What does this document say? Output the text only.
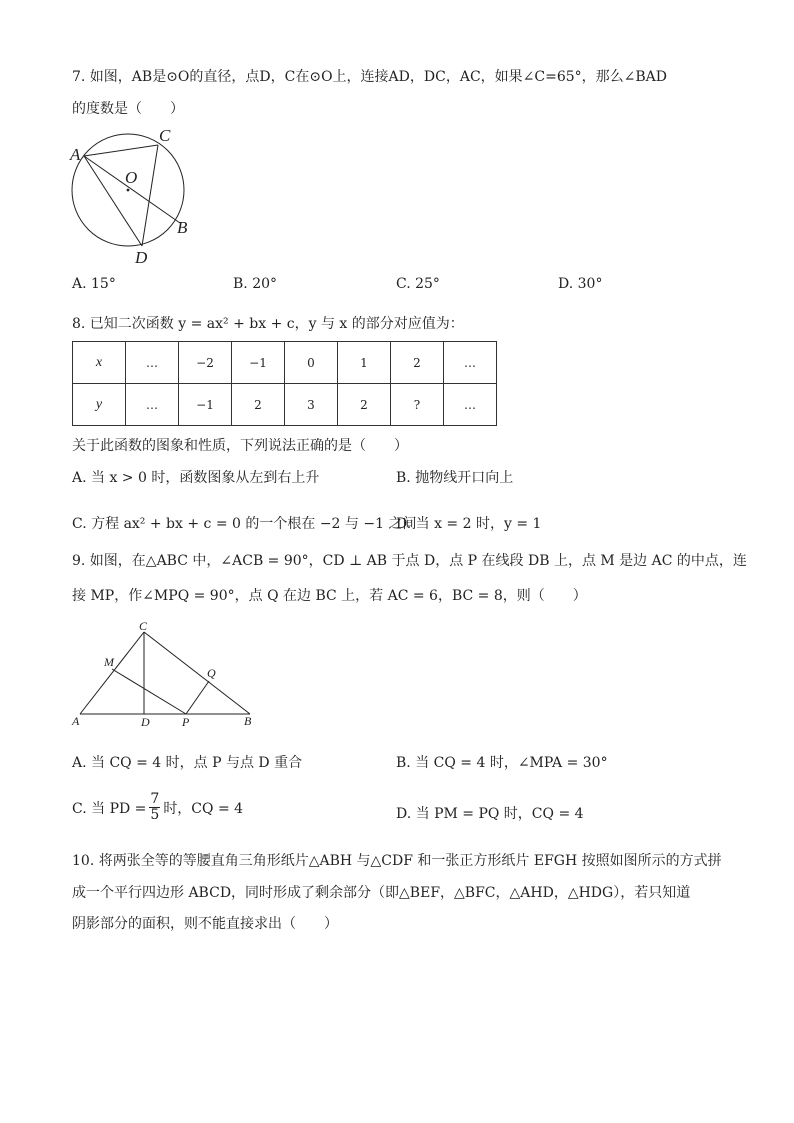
7. 如图，AB是⊙O的直径，点D，C在⊙O上，连接AD，DC，AC，如果∠C=65°，那么∠BAD
的度数是（　　）
A
C
O
B
D
A. 15°	B. 20°	C. 25°	D. 30°
8. 已知二次函数 y = ax² + bx + c，y 与 x 的部分对应值为：
x	…	−2	−1	0	1	2	…
y	…	−1	2	3	2	?	…
关于此函数的图象和性质，下列说法正确的是（　　）
A. 当 x > 0 时，函数图象从左到右上升	B. 抛物线开口向上
C. 方程 ax² + bx + c = 0 的一个根在 −2 与 −1 之间
D. 当 x = 2 时，y = 1
9. 如图，在△ABC 中，∠ACB = 90°，CD ⊥ AB 于点 D，点 P 在线段 DB 上，点 M 是边 AC 的中点，连
接 MP，作∠MPQ = 90°，点 Q 在边 BC 上，若 AC = 6，BC = 8，则（　　）
C
M
Q
A	D	P	B
A. 当 CQ = 4 时，点 P 与点 D 重合	B. 当 CQ = 4 时，∠MPA = 30°
C. 当 PD = $\frac{7}{5}$ 时，CQ = 4	D. 当 PM = PQ 时，CQ = 4
10. 将两张全等的等腰直角三角形纸片△ABH 与△CDF 和一张正方形纸片 EFGH 按照如图所示的方式拼
成一个平行四边形 ABCD，同时形成了剩余部分（即△BEF，△BFC，△AHD，△HDG），若只知道
阴影部分的面积，则不能直接求出（　　）
